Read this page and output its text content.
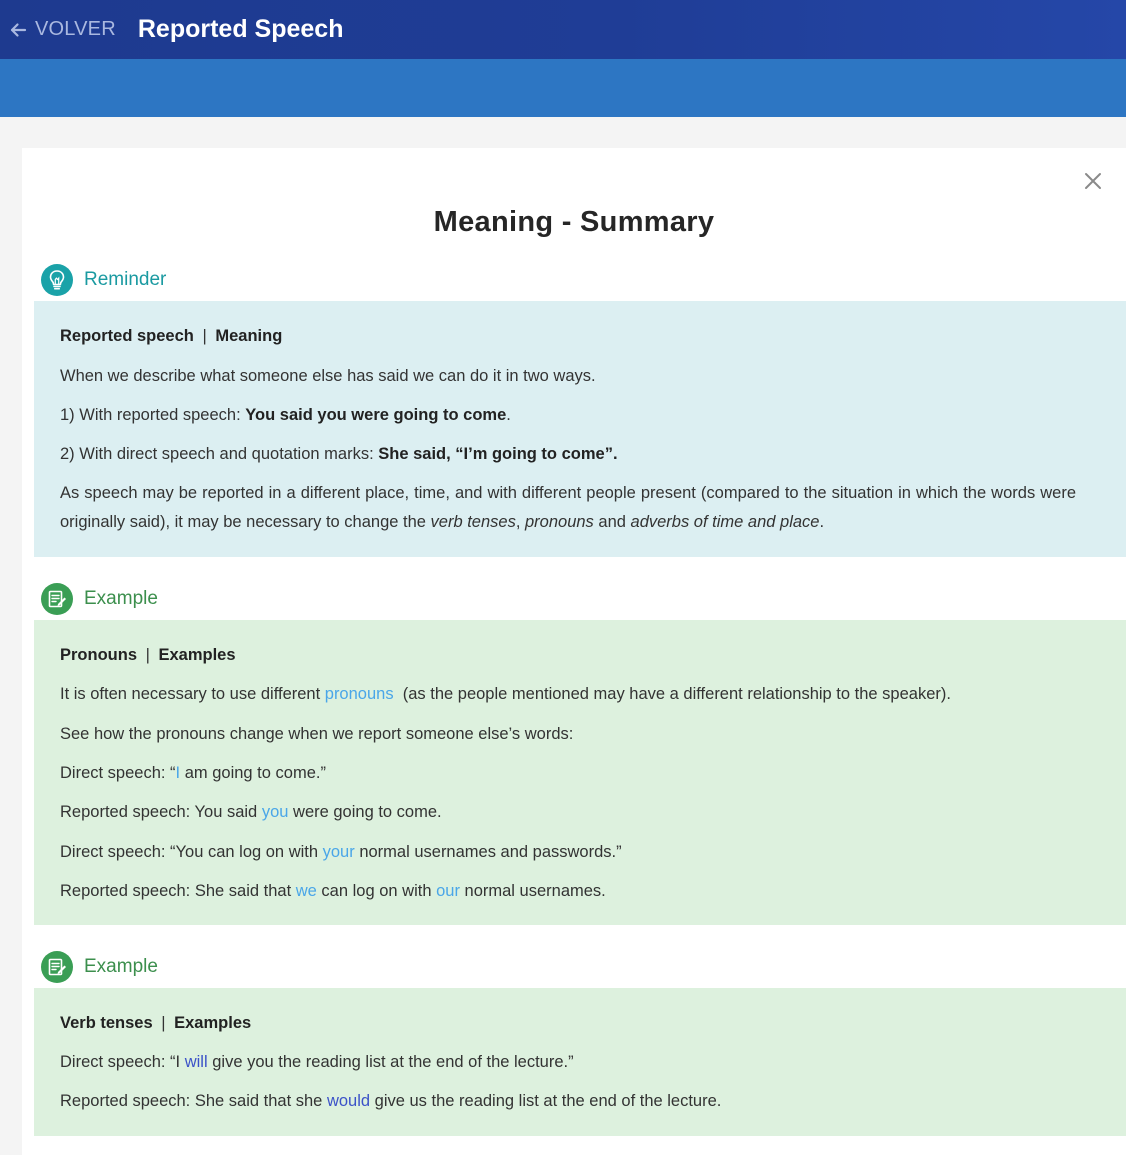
VOLVER Reported Speech
Meaning - Summary
Reminder
Reported speech | Meaning
When we describe what someone else has said we can do it in two ways.
1) With reported speech: You said you were going to come.
2) With direct speech and quotation marks: She said, “I’m going to come”.
As speech may be reported in a different place, time, and with different people present (compared to the situation in which the words were originally said), it may be necessary to change the verb tenses, pronouns and adverbs of time and place.
Example
Pronouns | Examples
It is often necessary to use different pronouns  (as the people mentioned may have a different relationship to the speaker).
See how the pronouns change when we report someone else’s words:
Direct speech: “I am going to come.”
Reported speech: You said you were going to come.
Direct speech: “You can log on with your normal usernames and passwords.”
Reported speech: She said that we can log on with our normal usernames.
Example
Verb tenses | Examples
Direct speech: “I will give you the reading list at the end of the lecture.”
Reported speech: She said that she would give us the reading list at the end of the lecture.
